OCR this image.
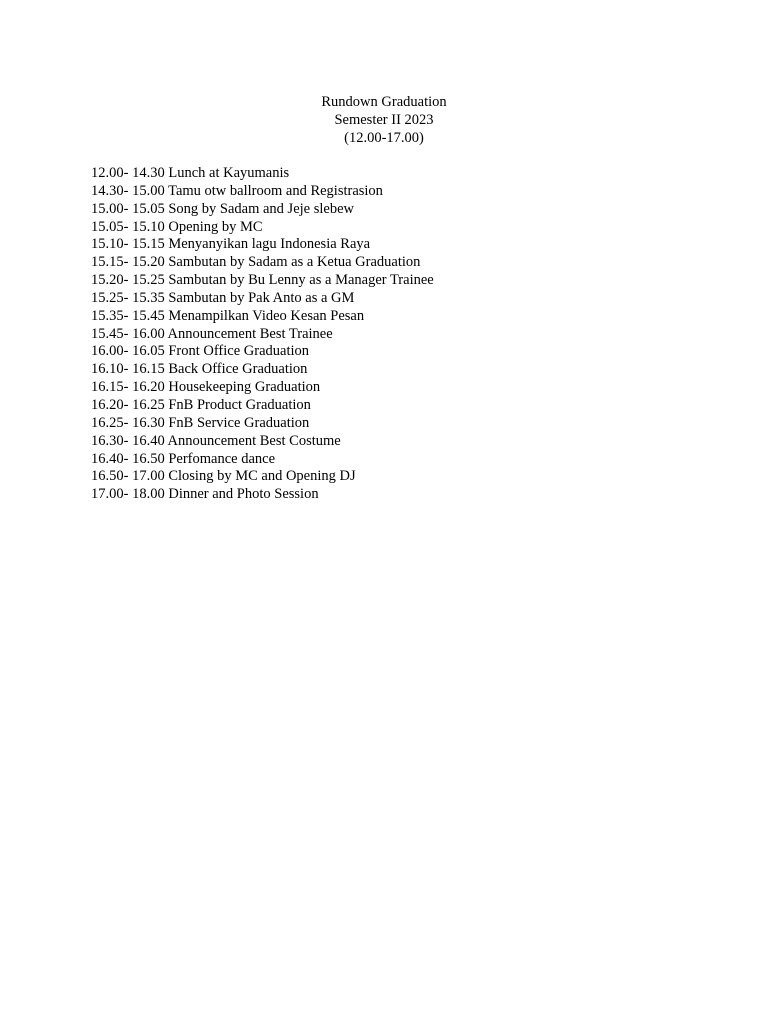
Rundown Graduation
Semester II 2023
(12.00-17.00)
12.00- 14.30 Lunch at Kayumanis
14.30- 15.00 Tamu otw ballroom and Registrasion
15.00- 15.05 Song by Sadam and Jeje slebew
15.05- 15.10 Opening by MC
15.10- 15.15 Menyanyikan lagu Indonesia Raya
15.15- 15.20 Sambutan by Sadam as a Ketua Graduation
15.20- 15.25 Sambutan by Bu Lenny as a Manager Trainee
15.25- 15.35 Sambutan by Pak Anto as a GM
15.35- 15.45 Menampilkan Video Kesan Pesan
15.45- 16.00 Announcement Best Trainee
16.00- 16.05 Front Office Graduation
16.10- 16.15 Back Office Graduation
16.15- 16.20 Housekeeping Graduation
16.20- 16.25 FnB Product Graduation
16.25- 16.30 FnB Service Graduation
16.30- 16.40 Announcement Best Costume
16.40- 16.50 Perfomance dance
16.50- 17.00 Closing by MC and Opening DJ
17.00- 18.00 Dinner and Photo Session
